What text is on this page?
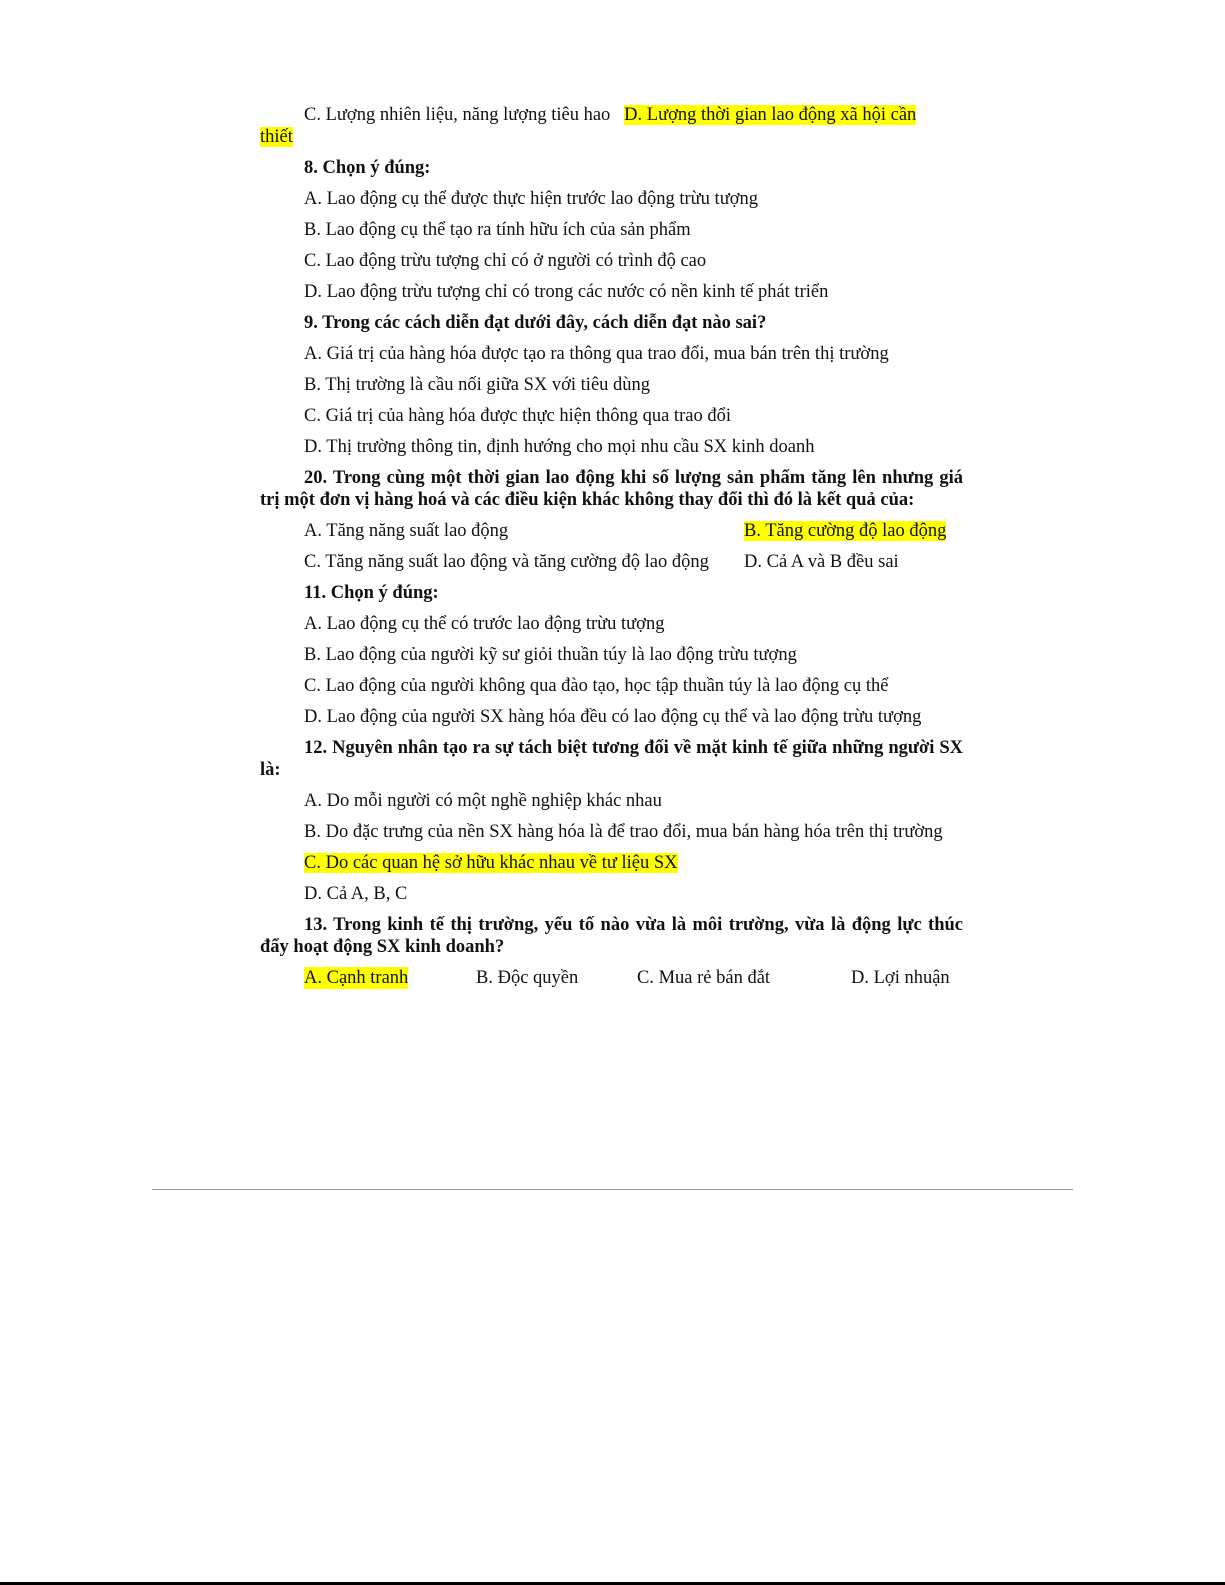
C. Lượng nhiên liệu, năng lượng tiêu hao D. Lượng thời gian lao động xã hội cần
thiết

8. Chọn ý đúng:

A. Lao động cụ thể được thực hiện trước lao động trừu tượng

B. Lao động cụ thể tạo ra tính hữu ích của sản phẩm

C. Lao động trừu tượng chỉ có ở người có trình độ cao

D. Lao động trừu tượng chỉ có trong các nước có nền kinh tế phát triển

9. Trong các cách diễn đạt dưới đây, cách diễn đạt nào sai?

A. Giá trị của hàng hóa được tạo ra thông qua trao đổi, mua bán trên thị trường

B. Thị trường là cầu nối giữa SX với tiêu dùng

C. Giá trị của hàng hóa được thực hiện thông qua trao đổi

D. Thị trường thông tin, định hướng cho mọi nhu cầu SX kinh doanh

20. Trong cùng một thời gian lao động khi số lượng sản phẩm tăng lên nhưng giá trị một đơn vị hàng hoá và các điều kiện khác không thay đổi thì đó là kết quả của:

A. Tăng năng suất lao động	B. Tăng cường độ lao động
C. Tăng năng suất lao động và tăng cường độ lao động	D. Cả A và B đều sai

11. Chọn ý đúng:

A. Lao động cụ thể có trước lao động trừu tượng

B. Lao động của người kỹ sư giỏi thuần túy là lao động trừu tượng

C. Lao động của người không qua đào tạo, học tập thuần túy là lao động cụ thể

D. Lao động của người SX hàng hóa đều có lao động cụ thể và lao động trừu tượng

12. Nguyên nhân tạo ra sự tách biệt tương đối về mặt kinh tế giữa những người SX là:

A. Do mỗi người có một nghề nghiệp khác nhau

B. Do đặc trưng của nền SX hàng hóa là để trao đổi, mua bán hàng hóa trên thị trường

C. Do các quan hệ sở hữu khác nhau về tư liệu SX

D. Cả A, B, C

13. Trong kinh tế thị trường, yếu tố nào vừa là môi trường, vừa là động lực thúc đẩy hoạt động SX kinh doanh?

A. Cạnh tranh	B. Độc quyền	C. Mua rẻ bán đắt	D. Lợi nhuận
